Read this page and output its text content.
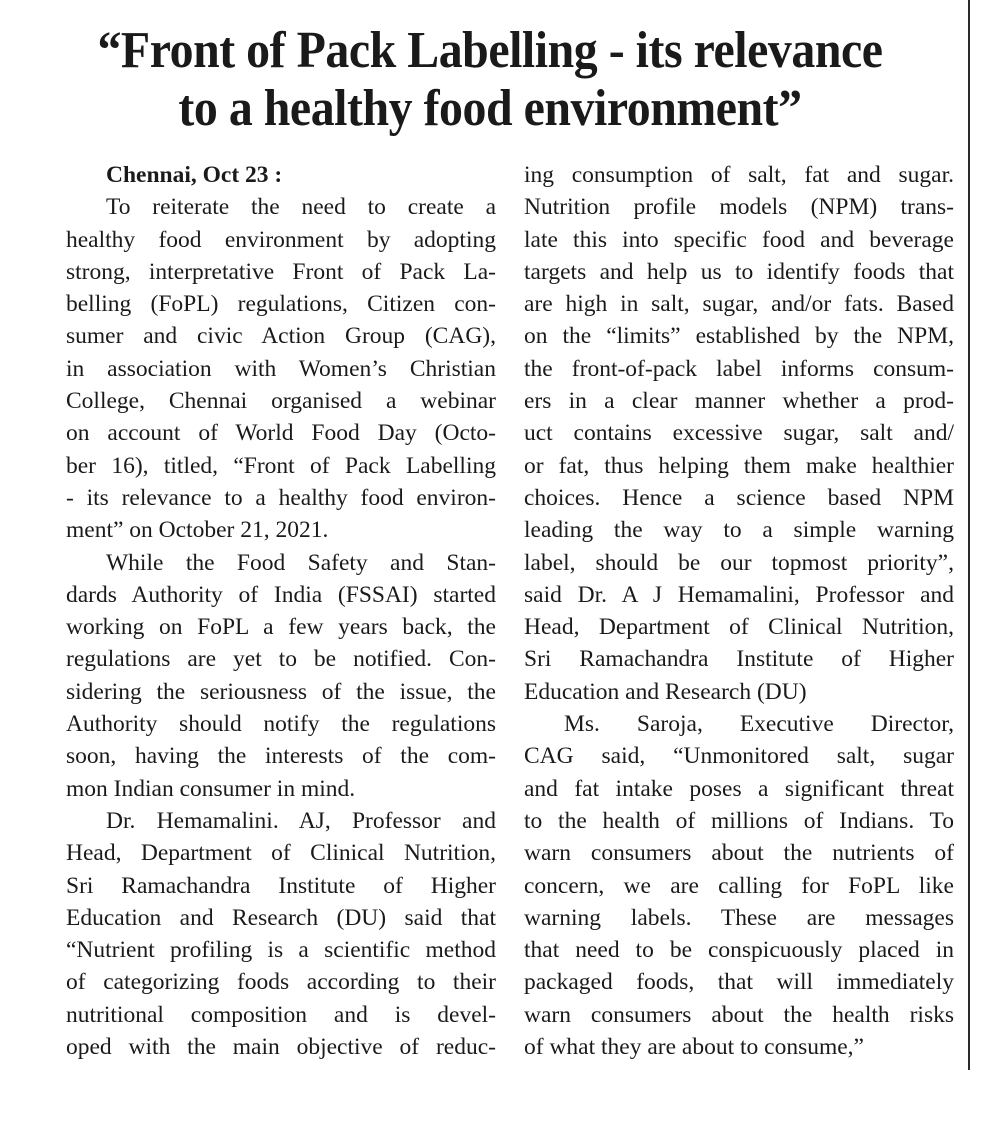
“Front of Pack Labelling - its relevance
to a healthy food environment”

Chennai, Oct 23 :

To reiterate the need to create a
healthy food environment by adopting
strong, interpretative Front of Pack La-
belling (FoPL) regulations, Citizen con-
sumer and civic Action Group (CAG),
in association with Women’s Christian
College, Chennai organised a webinar
on account of World Food Day (Octo-
ber 16), titled, “Front of Pack Labelling
- its relevance to a healthy food environ-
ment” on October 21, 2021.
While the Food Safety and Stan-
dards Authority of India (FSSAI) started
working on FoPL a few years back, the
regulations are yet to be notified. Con-
sidering the seriousness of the issue, the
Authority should notify the regulations
soon, having the interests of the com-
mon Indian consumer in mind.
Dr. Hemamalini. AJ, Professor and
Head, Department of Clinical Nutrition,
Sri Ramachandra Institute of Higher
Education and Research (DU) said that
“Nutrient profiling is a scientific method
of categorizing foods according to their
nutritional composition and is devel-
oped with the main objective of reduc-
ing consumption of salt, fat and sugar.
Nutrition profile models (NPM) trans-
late this into specific food and beverage
targets and help us to identify foods that
are high in salt, sugar, and/or fats. Based
on the “limits” established by the NPM,
the front-of-pack label informs consum-
ers in a clear manner whether a prod-
uct contains excessive sugar, salt and/
or fat, thus helping them make healthier
choices. Hence a science based NPM
leading the way to a simple warning
label, should be our topmost priority”,
said Dr. A J Hemamalini, Professor and
Head, Department of Clinical Nutrition,
Sri Ramachandra Institute of Higher
Education and Research (DU)
Ms. Saroja, Executive Director,
CAG said, “Unmonitored salt, sugar
and fat intake poses a significant threat
to the health of millions of Indians. To
warn consumers about the nutrients of
concern, we are calling for FoPL like
warning labels. These are messages
that need to be conspicuously placed in
packaged foods, that will immediately
warn consumers about the health risks
of what they are about to consume,”
